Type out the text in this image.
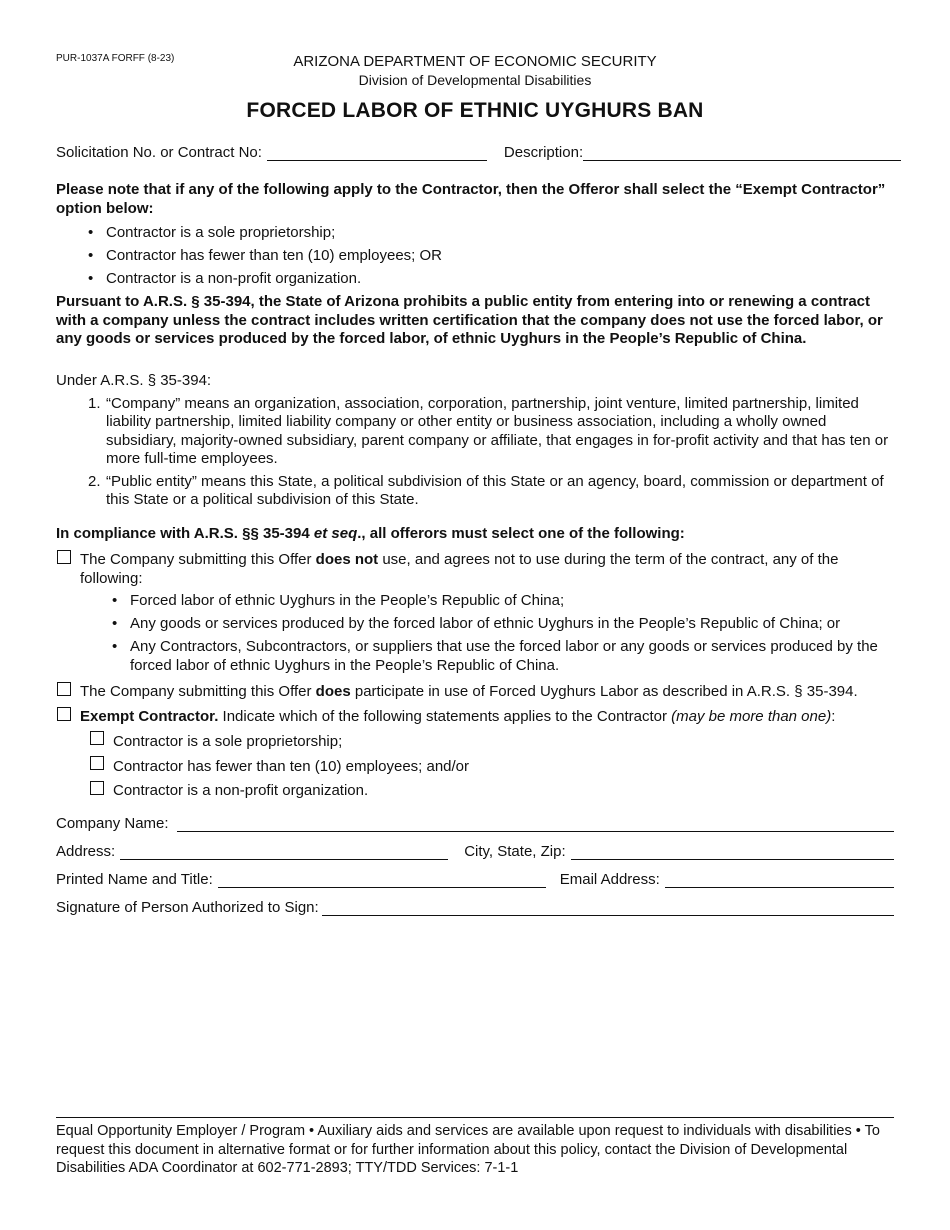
PUR-1037A FORFF (8-23)	ARIZONA DEPARTMENT OF ECONOMIC SECURITY
Division of Developmental Disabilities
FORCED LABOR OF ETHNIC UYGHURS BAN
Solicitation No. or Contract No:	Description:
Please note that if any of the following apply to the Contractor, then the Offeror shall select the “Exempt Contractor” option below:
• Contractor is a sole proprietorship;
• Contractor has fewer than ten (10) employees; OR
• Contractor is a non-profit organization.
Pursuant to A.R.S. § 35-394, the State of Arizona prohibits a public entity from entering into or renewing a contract with a company unless the contract includes written certification that the company does not use the forced labor, or any goods or services produced by the forced labor, of ethnic Uyghurs in the People’s Republic of China.
Under A.R.S. § 35-394:
1. “Company” means an organization, association, corporation, partnership, joint venture, limited partnership, limited liability partnership, limited liability company or other entity or business association, including a wholly owned subsidiary, majority-owned subsidiary, parent company or affiliate, that engages in for-profit activity and that has ten or more full-time employees.
2. “Public entity” means this State, a political subdivision of this State or an agency, board, commission or department of this State or a political subdivision of this State.
In compliance with A.R.S. §§ 35-394 et seq., all offerors must select one of the following:
The Company submitting this Offer does not use, and agrees not to use during the term of the contract, any of the following:
• Forced labor of ethnic Uyghurs in the People’s Republic of China;
• Any goods or services produced by the forced labor of ethnic Uyghurs in the People’s Republic of China; or
• Any Contractors, Subcontractors, or suppliers that use the forced labor or any goods or services produced by the forced labor of ethnic Uyghurs in the People’s Republic of China.
The Company submitting this Offer does participate in use of Forced Uyghurs Labor as described in A.R.S. § 35-394.
Exempt Contractor. Indicate which of the following statements applies to the Contractor (may be more than one):
Contractor is a sole proprietorship;
Contractor has fewer than ten (10) employees; and/or
Contractor is a non-profit organization.
Company Name:
Address:	City, State, Zip:
Printed Name and Title:	Email Address:
Signature of Person Authorized to Sign:
Equal Opportunity Employer / Program • Auxiliary aids and services are available upon request to individuals with disabilities • To request this document in alternative format or for further information about this policy, contact the Division of Developmental Disabilities ADA Coordinator at 602-771-2893; TTY/TDD Services: 7-1-1
